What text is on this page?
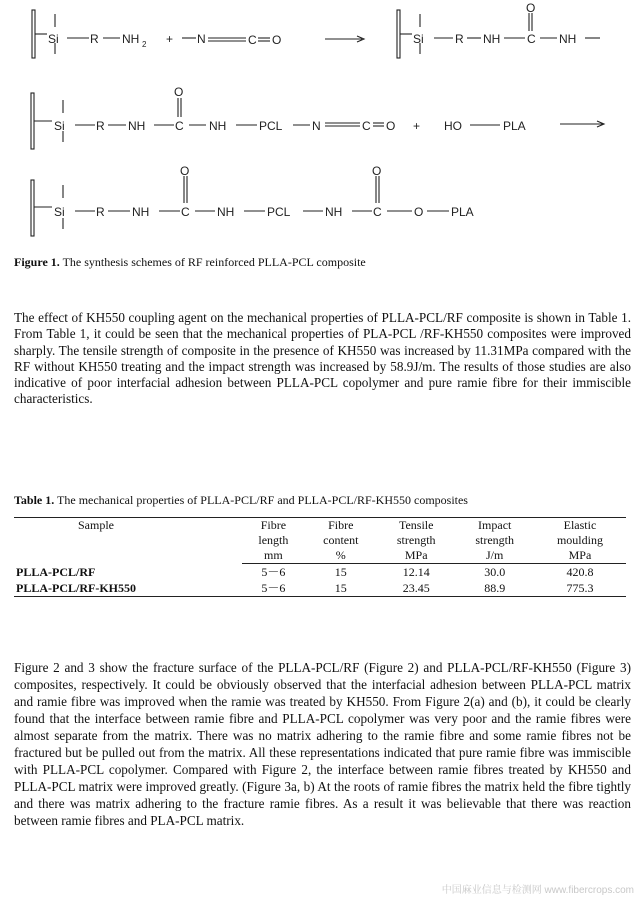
Si	R NH 2 + N	C O	Si	R NH C NH
O
Si	R NH C NH	PCL N	C O
O
+ HO	PLA
Si	R NH	C NH	PCL	NH	C	O PLA
O	O
Figure 1. The synthesis schemes of RF reinforced PLLA-PCL composite

The effect of KH550 coupling agent on the mechanical properties of PLLA-PCL/RF composite is shown in Table 1. From Table 1, it could be seen that the mechanical properties of PLA-PCL /RF-KH550 composites were improved sharply. The tensile strength of composite in the presence of KH550 was increased by 11.31MPa compared with the RF without KH550 treating and the impact strength was increased by 58.9J/m. The results of those studies are also indicative of poor interfacial adhesion between PLLA-PCL copolymer and pure ramie fibre for their immiscible characteristics.

Table 1. The mechanical properties of PLLA-PCL/RF and PLLA-PCL/RF-KH550 composites
Sample	Fibre	Fibre	Tensile	Impact	Elastic
	length	content	strength	strength	moulding
	mm	%	MPa	J/m	MPa
PLLA-PCL/RF	5－6	15	12.14	30.0	420.8
PLLA-PCL/RF-KH550	5－6	15	23.45	88.9	775.3

Figure 2 and 3 show the fracture surface of the PLLA-PCL/RF (Figure 2) and PLLA-PCL/RF-KH550 (Figure 3) composites, respectively. It could be obviously observed that the interfacial adhesion between PLLA-PCL matrix and ramie fibre was improved when the ramie was treated by KH550. From Figure 2(a) and (b), it could be clearly found that the interface between ramie fibre and PLLA-PCL copolymer was very poor and the ramie fibres were almost separate from the matrix. There was no matrix adhering to the ramie fibre and some ramie fibres not be fractured but be pulled out from the matrix. All these representations indicated that pure ramie fibre was immiscible with PLLA-PCL copolymer. Compared with Figure 2, the interface between ramie fibres treated by KH550 and PLLA-PCL matrix were improved greatly. (Figure 3a, b) At the roots of ramie fibres the matrix held the fibre tightly and there was matrix adhering to the fracture ramie fibres. As a result it was believable that there was reaction between ramie fibres and PLA-PCL matrix.

中国麻业信息与检测网 www.fibercrops.com
